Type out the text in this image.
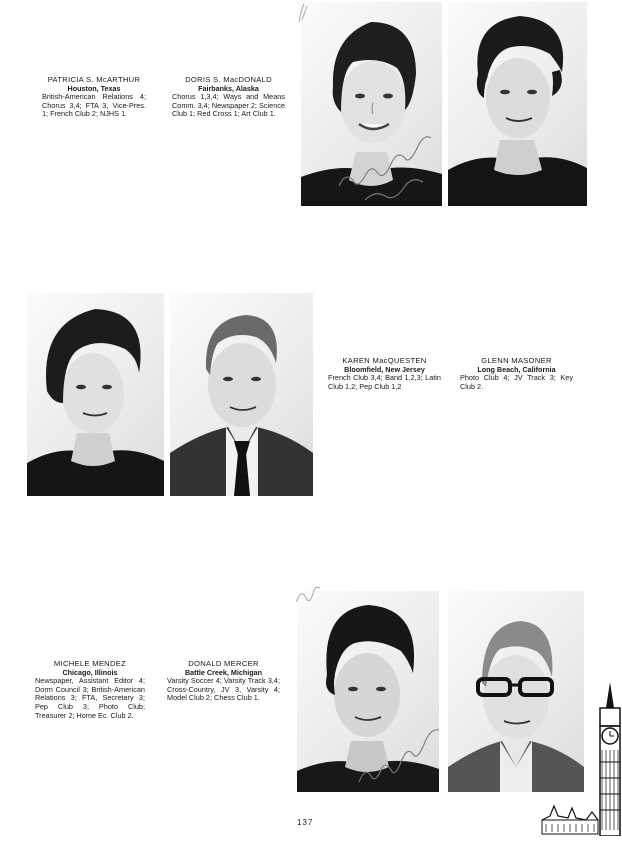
PATRICIA S. McARTHUR
Houston, Texas
British-American Relations 4; Chorus 3,4; FTA 3, Vice-Pres. 1; French Club 2; NJHS 1.
DORIS S. MacDONALD
Fairbanks, Alaska
Chorus 1,3,4; Ways and Means Comm. 3,4; Newspaper 2; Science Club 1; Red Cross 1; Art Club 1.
KAREN MacQUESTEN
Bloomfield, New Jersey
French Club 3,4; Band 1,2,3; Latin Club 1,2; Pep Club 1,2
GLENN MASONER
Long Beach, California
Photo Club 4; JV Track 3; Key Club 2.
MICHELE MENDEZ
Chicago, Illinois
Newspaper, Assistant Editor 4; Dorm Council 3; British-American Relations 3; FTA, Secretary 3; Pep Club 3; Photo Club; Treasurer 2; Home Ec. Club 2.
DONALD MERCER
Battle Creek, Michigan
Varsity Soccer 4; Varsity Track 3,4; Cross-Country, JV 3, Varsity 4; Model Club 2; Chess Club 1.
137
